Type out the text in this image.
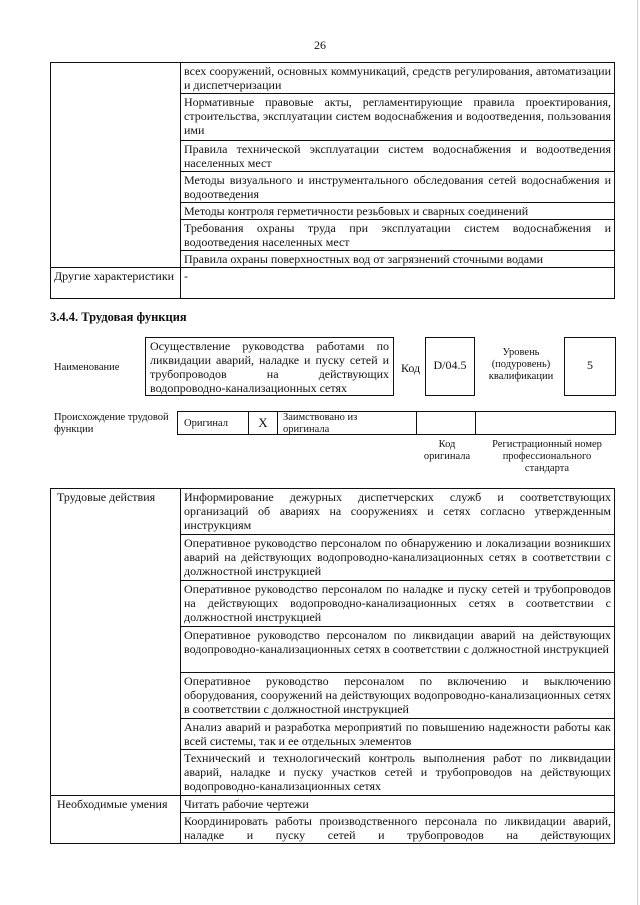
26
	всех сооружений, основных коммуникаций, средств регулирования, автоматизации и диспетчеризации
	Нормативные правовые акты, регламентирующие правила проектирования, строительства, эксплуатации систем водоснабжения и водоотведения, пользования ими
	Правила технической эксплуатации систем водоснабжения и водоотведения населенных мест
	Методы визуального и инструментального обследования сетей водоснабжения и водоотведения
	Методы контроля герметичности резьбовых и сварных соединений
	Требования охраны труда при эксплуатации систем водоснабжения и водоотведения населенных мест
	Правила охраны поверхностных вод от загрязнений сточными водами
Другие характеристики	-
3.4.4. Трудовая функция
Наименование
Осуществление руководства работами по ликвидации аварий, наладке и пуску сетей и трубопроводов на действующих водопроводно-канализационных сетях
Код	D/04.5
Уровень (подуровень) квалификации
5
Происхождение трудовой функции
Оригинал	X	Заимствовано из оригинала
Код оригинала
Регистрационный номер профессионального стандарта
Трудовые действия	Информирование дежурных диспетчерских служб и соответствующих организаций об авариях на сооружениях и сетях согласно утвержденным инструкциям
	Оперативное руководство персоналом по обнаружению и локализации возникших аварий на действующих водопроводно-канализационных сетях в соответствии с должностной инструкцией
	Оперативное руководство персоналом по наладке и пуску сетей и трубопроводов на действующих водопроводно-канализационных сетях в соответствии с должностной инструкцией
	Оперативное руководство персоналом по ликвидации аварий на действующих водопроводно-канализационных сетях в соответствии с должностной инструкцией
	Оперативное руководство персоналом по включению и выключению оборудования, сооружений на действующих водопроводно-канализационных сетях в соответствии с должностной инструкцией
	Анализ аварий и разработка мероприятий по повышению надежности работы как всей системы, так и ее отдельных элементов
	Технический и технологический контроль выполнения работ по ликвидации аварий, наладке и пуску участков сетей и трубопроводов на действующих водопроводно-канализационных сетях
Необходимые умения	Читать рабочие чертежи
	Координировать работы производственного персонала по ликвидации аварий, наладке и пуску сетей и трубопроводов на действующих
